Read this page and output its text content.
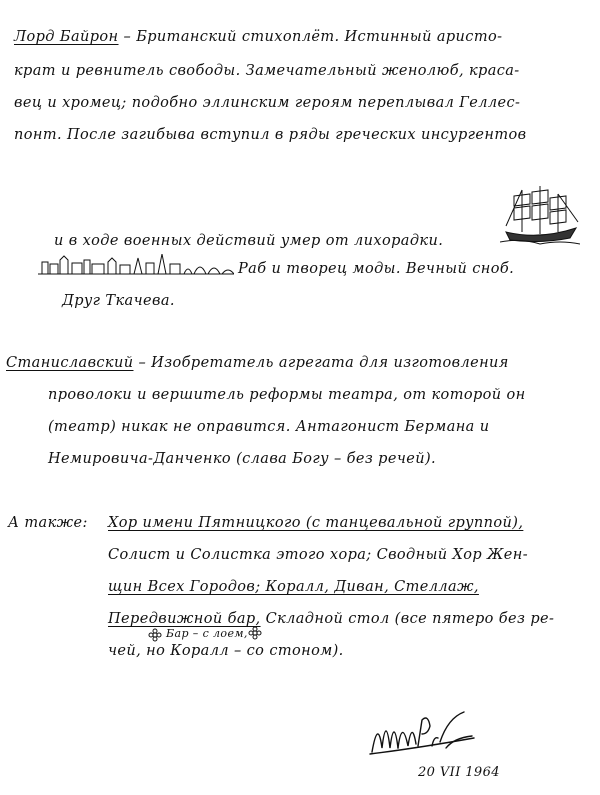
Лорд Байрон – Британский стихоплёт. Истинный аристо-
крат и ревнитель свободы. Замечательный женолюб, краса-
вец и хромец; подобно эллинским героям переплывал Геллес-
понт. После загибыва вступил в ряды греческих инсургентов
и в ходе военных действий умер от лихорадки.
Раб и творец моды. Вечный сноб.
Друг Ткачева.
Станиславский – Изобретатель агрегата для изготовления
проволоки и вершитель реформы театра, от которой он
(театр) никак не оправится. Антагонист Бермана и
Немировича-Данченко (слава Богу – без речей).
А также: Хор имени Пятницкого (с танцевальной группой),
Солист и Солистка этого хора; Сводный Хор Жен-
щин Всех Городов; Коралл, Диван, Стеллаж,
Передвижной бар, Складной стол (все пятеро без ре-
Бар – с лоем,
чей, но Коралл – со стоном).
20 VII 1964
